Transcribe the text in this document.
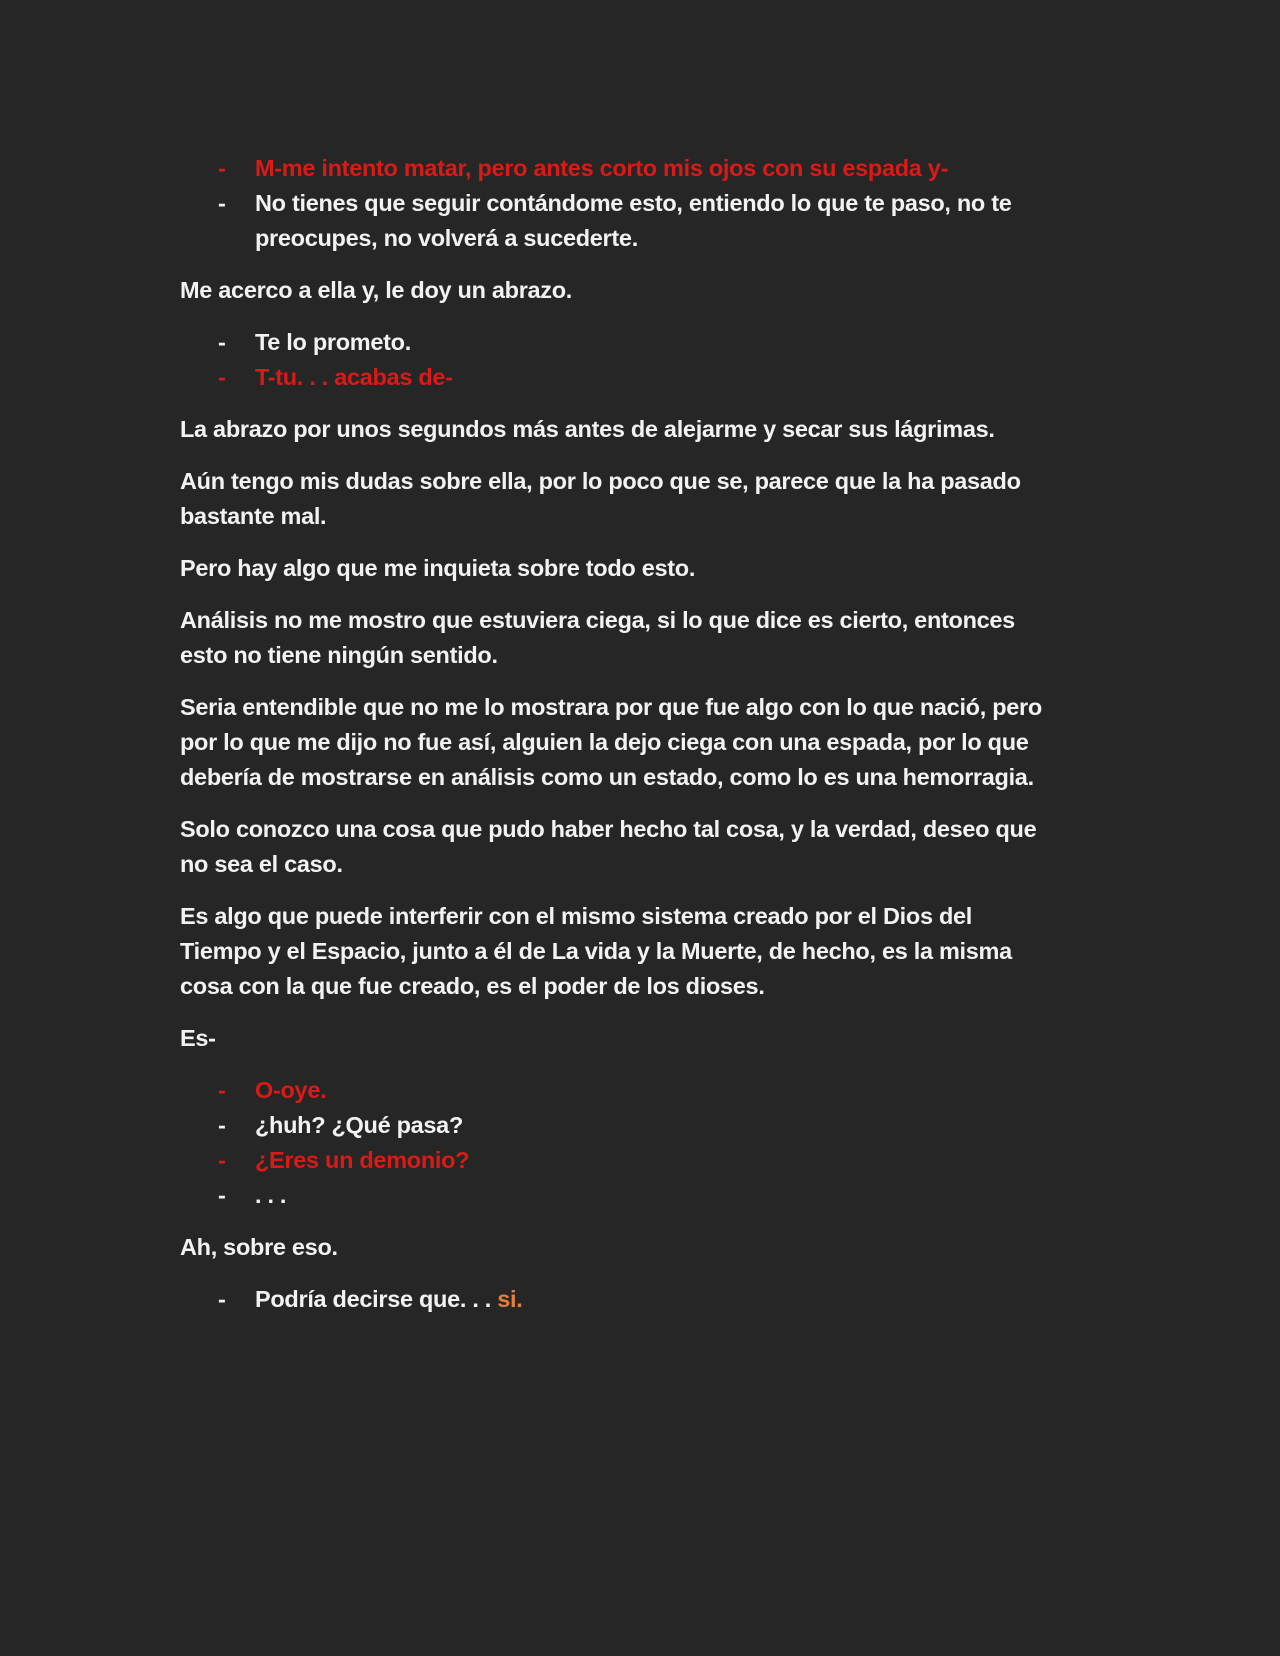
- M-me intento matar, pero antes corto mis ojos con su espada y-
- No tienes que seguir contándome esto, entiendo lo que te paso, no te preocupes, no volverá a sucederte.

Me acerco a ella y, le doy un abrazo.

- Te lo prometo.
- T-tu. . . acabas de-

La abrazo por unos segundos más antes de alejarme y secar sus lágrimas.

Aún tengo mis dudas sobre ella, por lo poco que se, parece que la ha pasado bastante mal.

Pero hay algo que me inquieta sobre todo esto.

Análisis no me mostro que estuviera ciega, si lo que dice es cierto, entonces esto no tiene ningún sentido.

Seria entendible que no me lo mostrara por que fue algo con lo que nació, pero por lo que me dijo no fue así, alguien la dejo ciega con una espada, por lo que debería de mostrarse en análisis como un estado, como lo es una hemorragia.

Solo conozco una cosa que pudo haber hecho tal cosa, y la verdad, deseo que no sea el caso.

Es algo que puede interferir con el mismo sistema creado por el Dios del Tiempo y el Espacio, junto a él de La vida y la Muerte, de hecho, es la misma cosa con la que fue creado, es el poder de los dioses.

Es-

- O-oye.
- ¿huh? ¿Qué pasa?
- ¿Eres un demonio?
- . . .

Ah, sobre eso.

- Podría decirse que. . . si.
